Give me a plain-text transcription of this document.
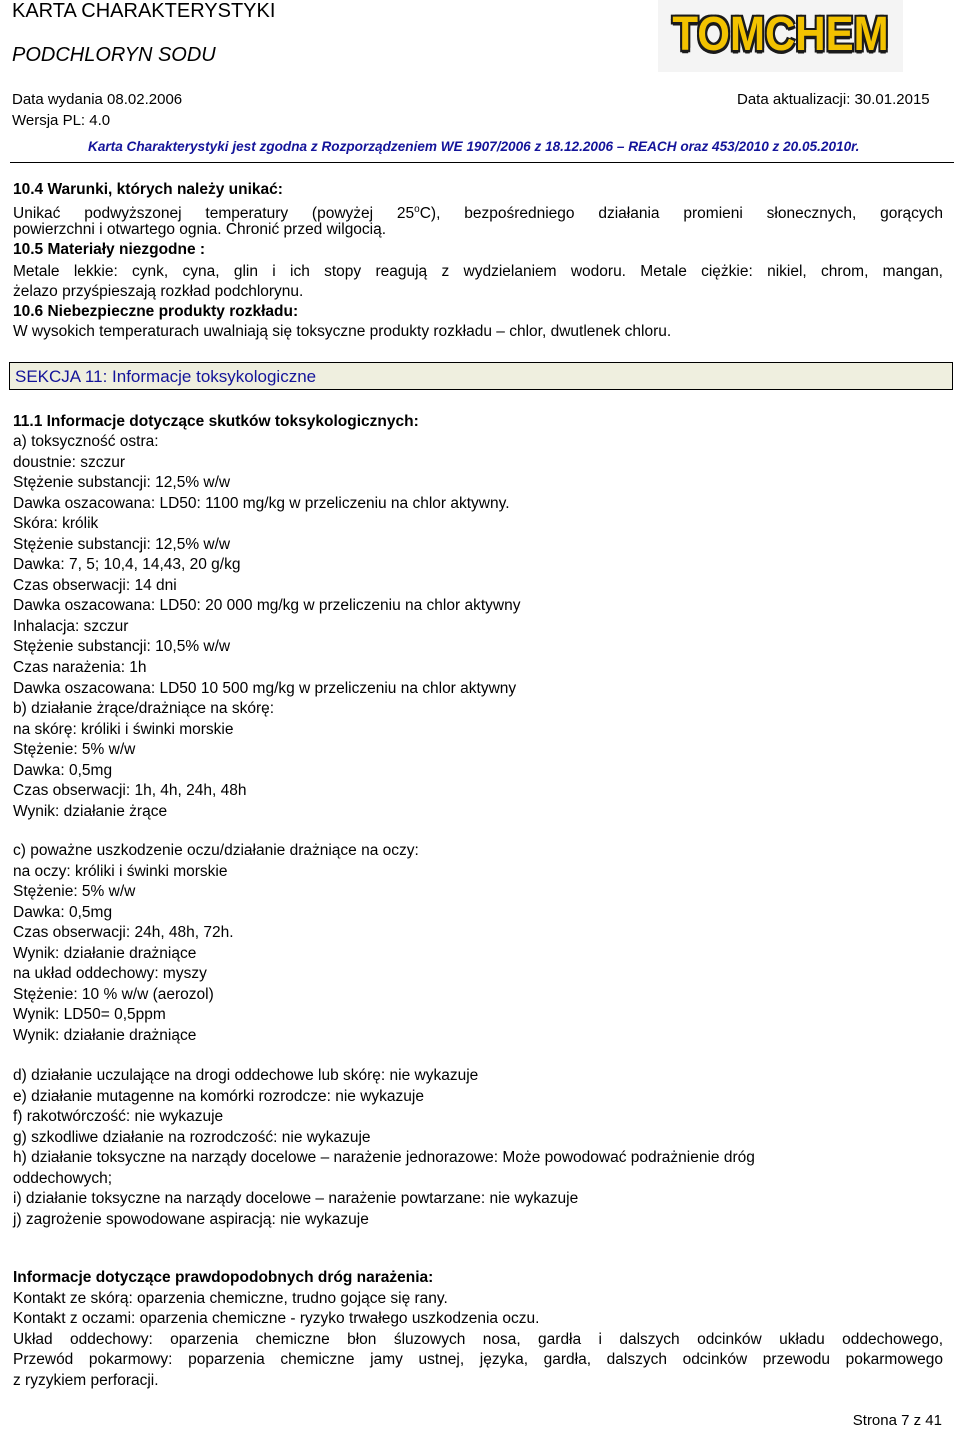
KARTA CHARAKTERYSTYKI
PODCHLORYN SODU
Data wydania 08.02.2006	Data aktualizacji: 30.01.2015
Wersja PL: 4.0
Karta Charakterystyki jest zgodna z Rozporządzeniem WE 1907/2006 z 18.12.2006 – REACH oraz 453/2010 z 20.05.2010r.
TOMCHEM
10.4 Warunki, których należy unikać:
Unikać podwyższonej temperatury (powyżej 25$^o$C), bezpośredniego działania promieni słonecznych, gorących
powierzchni i otwartego ognia. Chronić przed wilgocią.
10.5 Materiały niezgodne :
Metale lekkie: cynk, cyna, glin i ich stopy reagują z wydzielaniem wodoru. Metale ciężkie: nikiel, chrom, mangan,
żelazo przyśpieszają rozkład podchlorynu.
10.6 Niebezpieczne produkty rozkładu:
W wysokich temperaturach uwalniają się toksyczne produkty rozkładu – chlor, dwutlenek chloru.
SEKCJA 11: Informacje toksykologiczne
11.1 Informacje dotyczące skutków toksykologicznych:
a) toksyczność ostra:
doustnie: szczur
Stężenie substancji: 12,5% w/w
Dawka oszacowana: LD50: 1100 mg/kg w przeliczeniu na chlor aktywny.
Skóra: królik
Stężenie substancji: 12,5% w/w
Dawka: 7, 5; 10,4, 14,43, 20 g/kg
Czas obserwacji: 14 dni
Dawka oszacowana: LD50: 20 000 mg/kg w przeliczeniu na chlor aktywny
Inhalacja: szczur
Stężenie substancji: 10,5% w/w
Czas narażenia: 1h
Dawka oszacowana: LD50 10 500 mg/kg w przeliczeniu na chlor aktywny
b) działanie żrące/drażniące na skórę:
na skórę: króliki i świnki morskie
Stężenie: 5% w/w
Dawka: 0,5mg
Czas obserwacji: 1h, 4h, 24h, 48h
Wynik: działanie żrące
c) poważne uszkodzenie oczu/działanie drażniące na oczy:
na oczy: króliki i świnki morskie
Stężenie: 5% w/w
Dawka: 0,5mg
Czas obserwacji: 24h, 48h, 72h.
Wynik: działanie drażniące
na układ oddechowy: myszy
Stężenie: 10 % w/w (aerozol)
Wynik: LD50= 0,5ppm
Wynik: działanie drażniące
d) działanie uczulające na drogi oddechowe lub skórę: nie wykazuje
e) działanie mutagenne na komórki rozrodcze: nie wykazuje
f) rakotwórczość: nie wykazuje
g) szkodliwe działanie na rozrodczość: nie wykazuje
h) działanie toksyczne na narządy docelowe – narażenie jednorazowe: Może powodować podrażnienie dróg
oddechowych;
i) działanie toksyczne na narządy docelowe – narażenie powtarzane: nie wykazuje
j) zagrożenie spowodowane aspiracją: nie wykazuje
Informacje dotyczące prawdopodobnych dróg narażenia:
Kontakt ze skórą: oparzenia chemiczne, trudno gojące się rany.
Kontakt z oczami: oparzenia chemiczne - ryzyko trwałego uszkodzenia oczu.
Układ oddechowy: oparzenia chemiczne błon śluzowych nosa, gardła i dalszych odcinków układu oddechowego,
Przewód pokarmowy: poparzenia chemiczne jamy ustnej, języka, gardła, dalszych odcinków przewodu pokarmowego
z ryzykiem perforacji.
Strona 7 z 41
